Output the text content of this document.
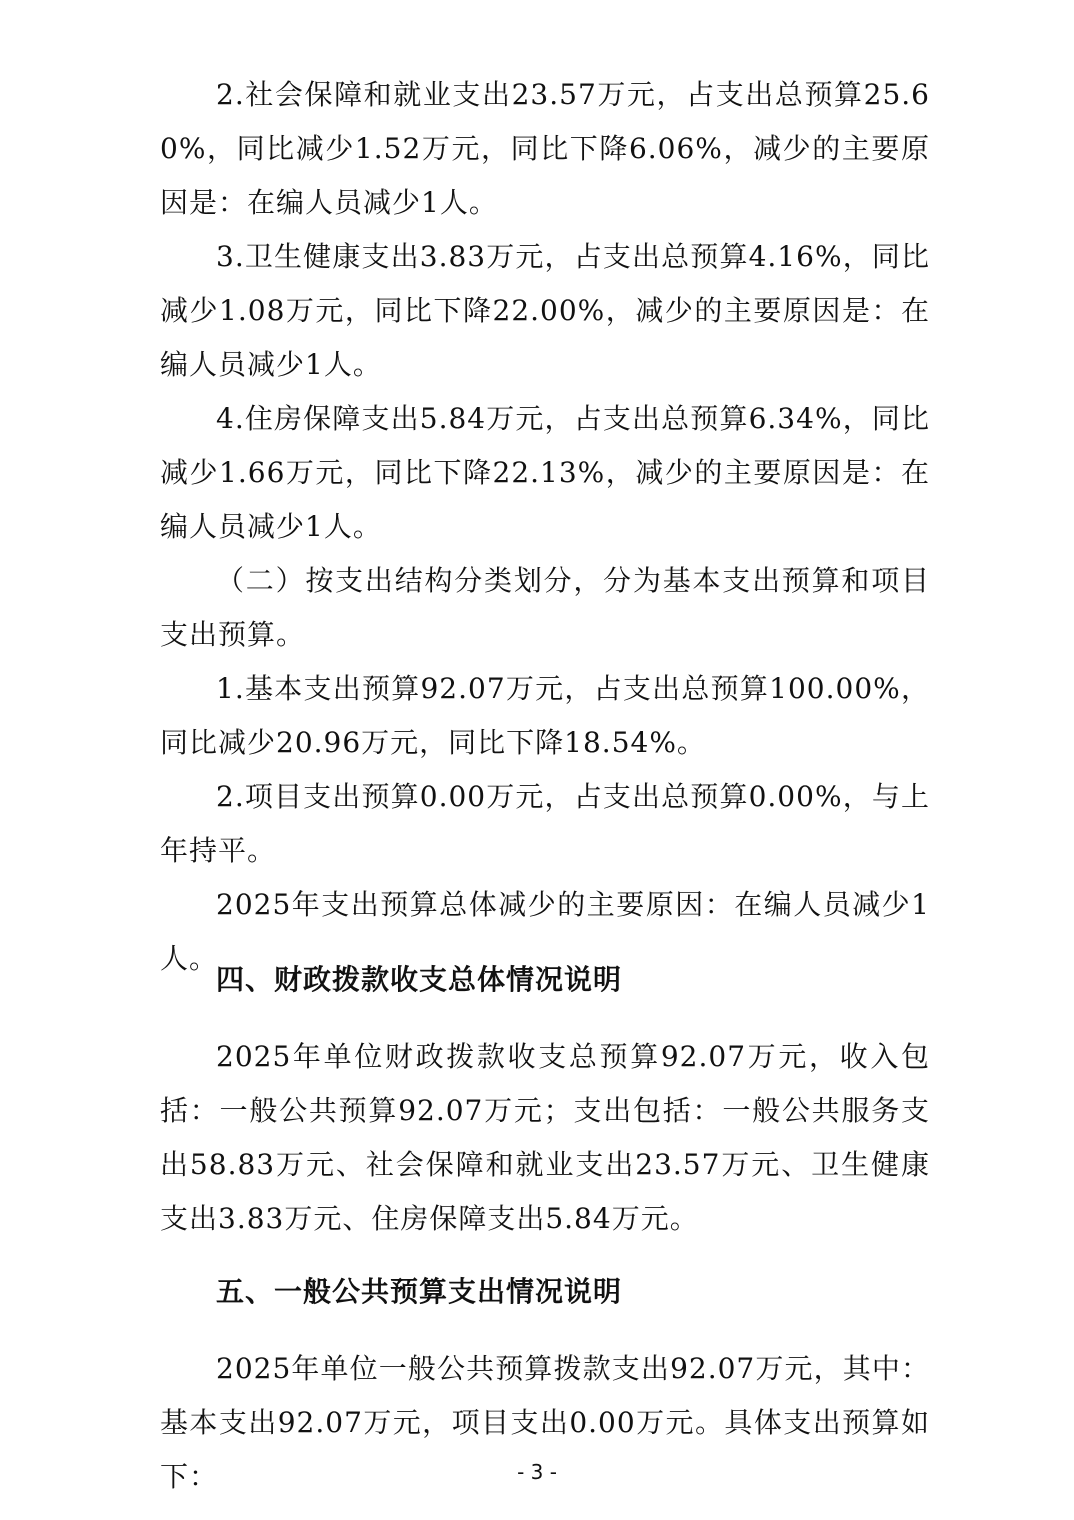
2.社会保障和就业支出23.57万元，占支出总预算25.60%，同比减少1.52万元，同比下降6.06%，减少的主要原因是：在编人员减少1人。

3.卫生健康支出3.83万元，占支出总预算4.16%，同比减少1.08万元，同比下降22.00%，减少的主要原因是：在编人员减少1人。

4.住房保障支出5.84万元，占支出总预算6.34%，同比减少1.66万元，同比下降22.13%，减少的主要原因是：在编人员减少1人。

（二）按支出结构分类划分，分为基本支出预算和项目支出预算。

1.基本支出预算92.07万元，占支出总预算100.00%，同比减少20.96万元，同比下降18.54%。

2.项目支出预算0.00万元，占支出总预算0.00%，与上年持平。

2025年支出预算总体减少的主要原因：在编人员减少1人。

四、财政拨款收支总体情况说明

2025年单位财政拨款收支总预算92.07万元，收入包括：一般公共预算92.07万元；支出包括：一般公共服务支出58.83万元、社会保障和就业支出23.57万元、卫生健康支出3.83万元、住房保障支出5.84万元。

五、一般公共预算支出情况说明

2025年单位一般公共预算拨款支出92.07万元，其中：基本支出92.07万元，项目支出0.00万元。具体支出预算如下：	- 3 -
